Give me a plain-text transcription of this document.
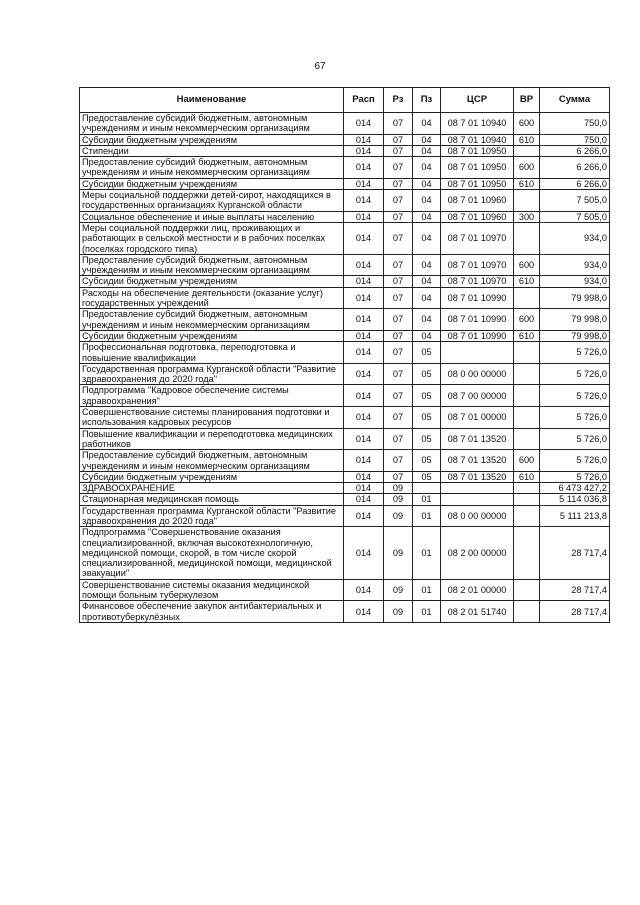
67
Наименование	Расп	Рз	Пз	ЦСР	ВР	Сумма
Предоставление субсидий бюджетным, автономным учреждениям и иным некоммерческим организациям	014	07	04	08 7 01 10940	600	750,0
Субсидии бюджетным учреждениям	014	07	04	08 7 01 10940	610	750,0
Стипендии	014	07	04	08 7 01 10950		6 266,0
Предоставление субсидий бюджетным, автономным учреждениям и иным некоммерческим организациям	014	07	04	08 7 01 10950	600	6 266,0
Субсидии бюджетным учреждениям	014	07	04	08 7 01 10950	610	6 266,0
Меры социальной поддержки детей-сирот, находящихся в государственных организациях Курганской области	014	07	04	08 7 01 10960		7 505,0
Социальное обеспечение и иные выплаты населению	014	07	04	08 7 01 10960	300	7 505,0
Меры социальной поддержки лиц, проживающих и работающих в сельской местности и в рабочих поселках (поселках городского типа)	014	07	04	08 7 01 10970		934,0
Предоставление субсидий бюджетным, автономным учреждениям и иным некоммерческим организациям	014	07	04	08 7 01 10970	600	934,0
Субсидии бюджетным учреждениям	014	07	04	08 7 01 10970	610	934,0
Расходы на обеспечение деятельности (оказание услуг) государственных учреждений	014	07	04	08 7 01 10990		79 998,0
Предоставление субсидий бюджетным, автономным учреждениям и иным некоммерческим организациям	014	07	04	08 7 01 10990	600	79 998,0
Субсидии бюджетным учреждениям	014	07	04	08 7 01 10990	610	79 998,0
Профессиональная подготовка, переподготовка и повышение квалификации	014	07	05			5 726,0
Государственная программа Курганской области "Развитие здравоохранения до 2020 года"	014	07	05	08 0 00 00000		5 726,0
Подпрограмма "Кадровое обеспечение системы здравоохранения"	014	07	05	08 7 00 00000		5 726,0
Совершенствование системы планирования подготовки и использования кадровых ресурсов	014	07	05	08 7 01 00000		5 726,0
Повышение квалификации и переподготовка медицинских работников	014	07	05	08 7 01 13520		5 726,0
Предоставление субсидий бюджетным, автономным учреждениям и иным некоммерческим организациям	014	07	05	08 7 01 13520	600	5 726,0
Субсидии бюджетным учреждениям	014	07	05	08 7 01 13520	610	5 726,0
ЗДРАВООХРАНЕНИЕ	014	09				6 473 427,2
Стационарная медицинская помощь	014	09	01			5 114 036,8
Государственная программа Курганской области "Развитие здравоохранения до 2020 года"	014	09	01	08 0 00 00000		5 111 213,8
Подпрограмма "Совершенствование оказания специализированной, включая высокотехнологичную, медицинской помощи, скорой, в том числе скорой специализированной, медицинской помощи, медицинской эвакуации"	014	09	01	08 2 00 00000		28 717,4
Совершенствование системы оказания медицинской помощи больным туберкулезом	014	09	01	08 2 01 00000		28 717,4
Финансовое обеспечение закупок антибактериальных и противотуберкулёзных	014	09	01	08 2 01 51740		28 717,4
